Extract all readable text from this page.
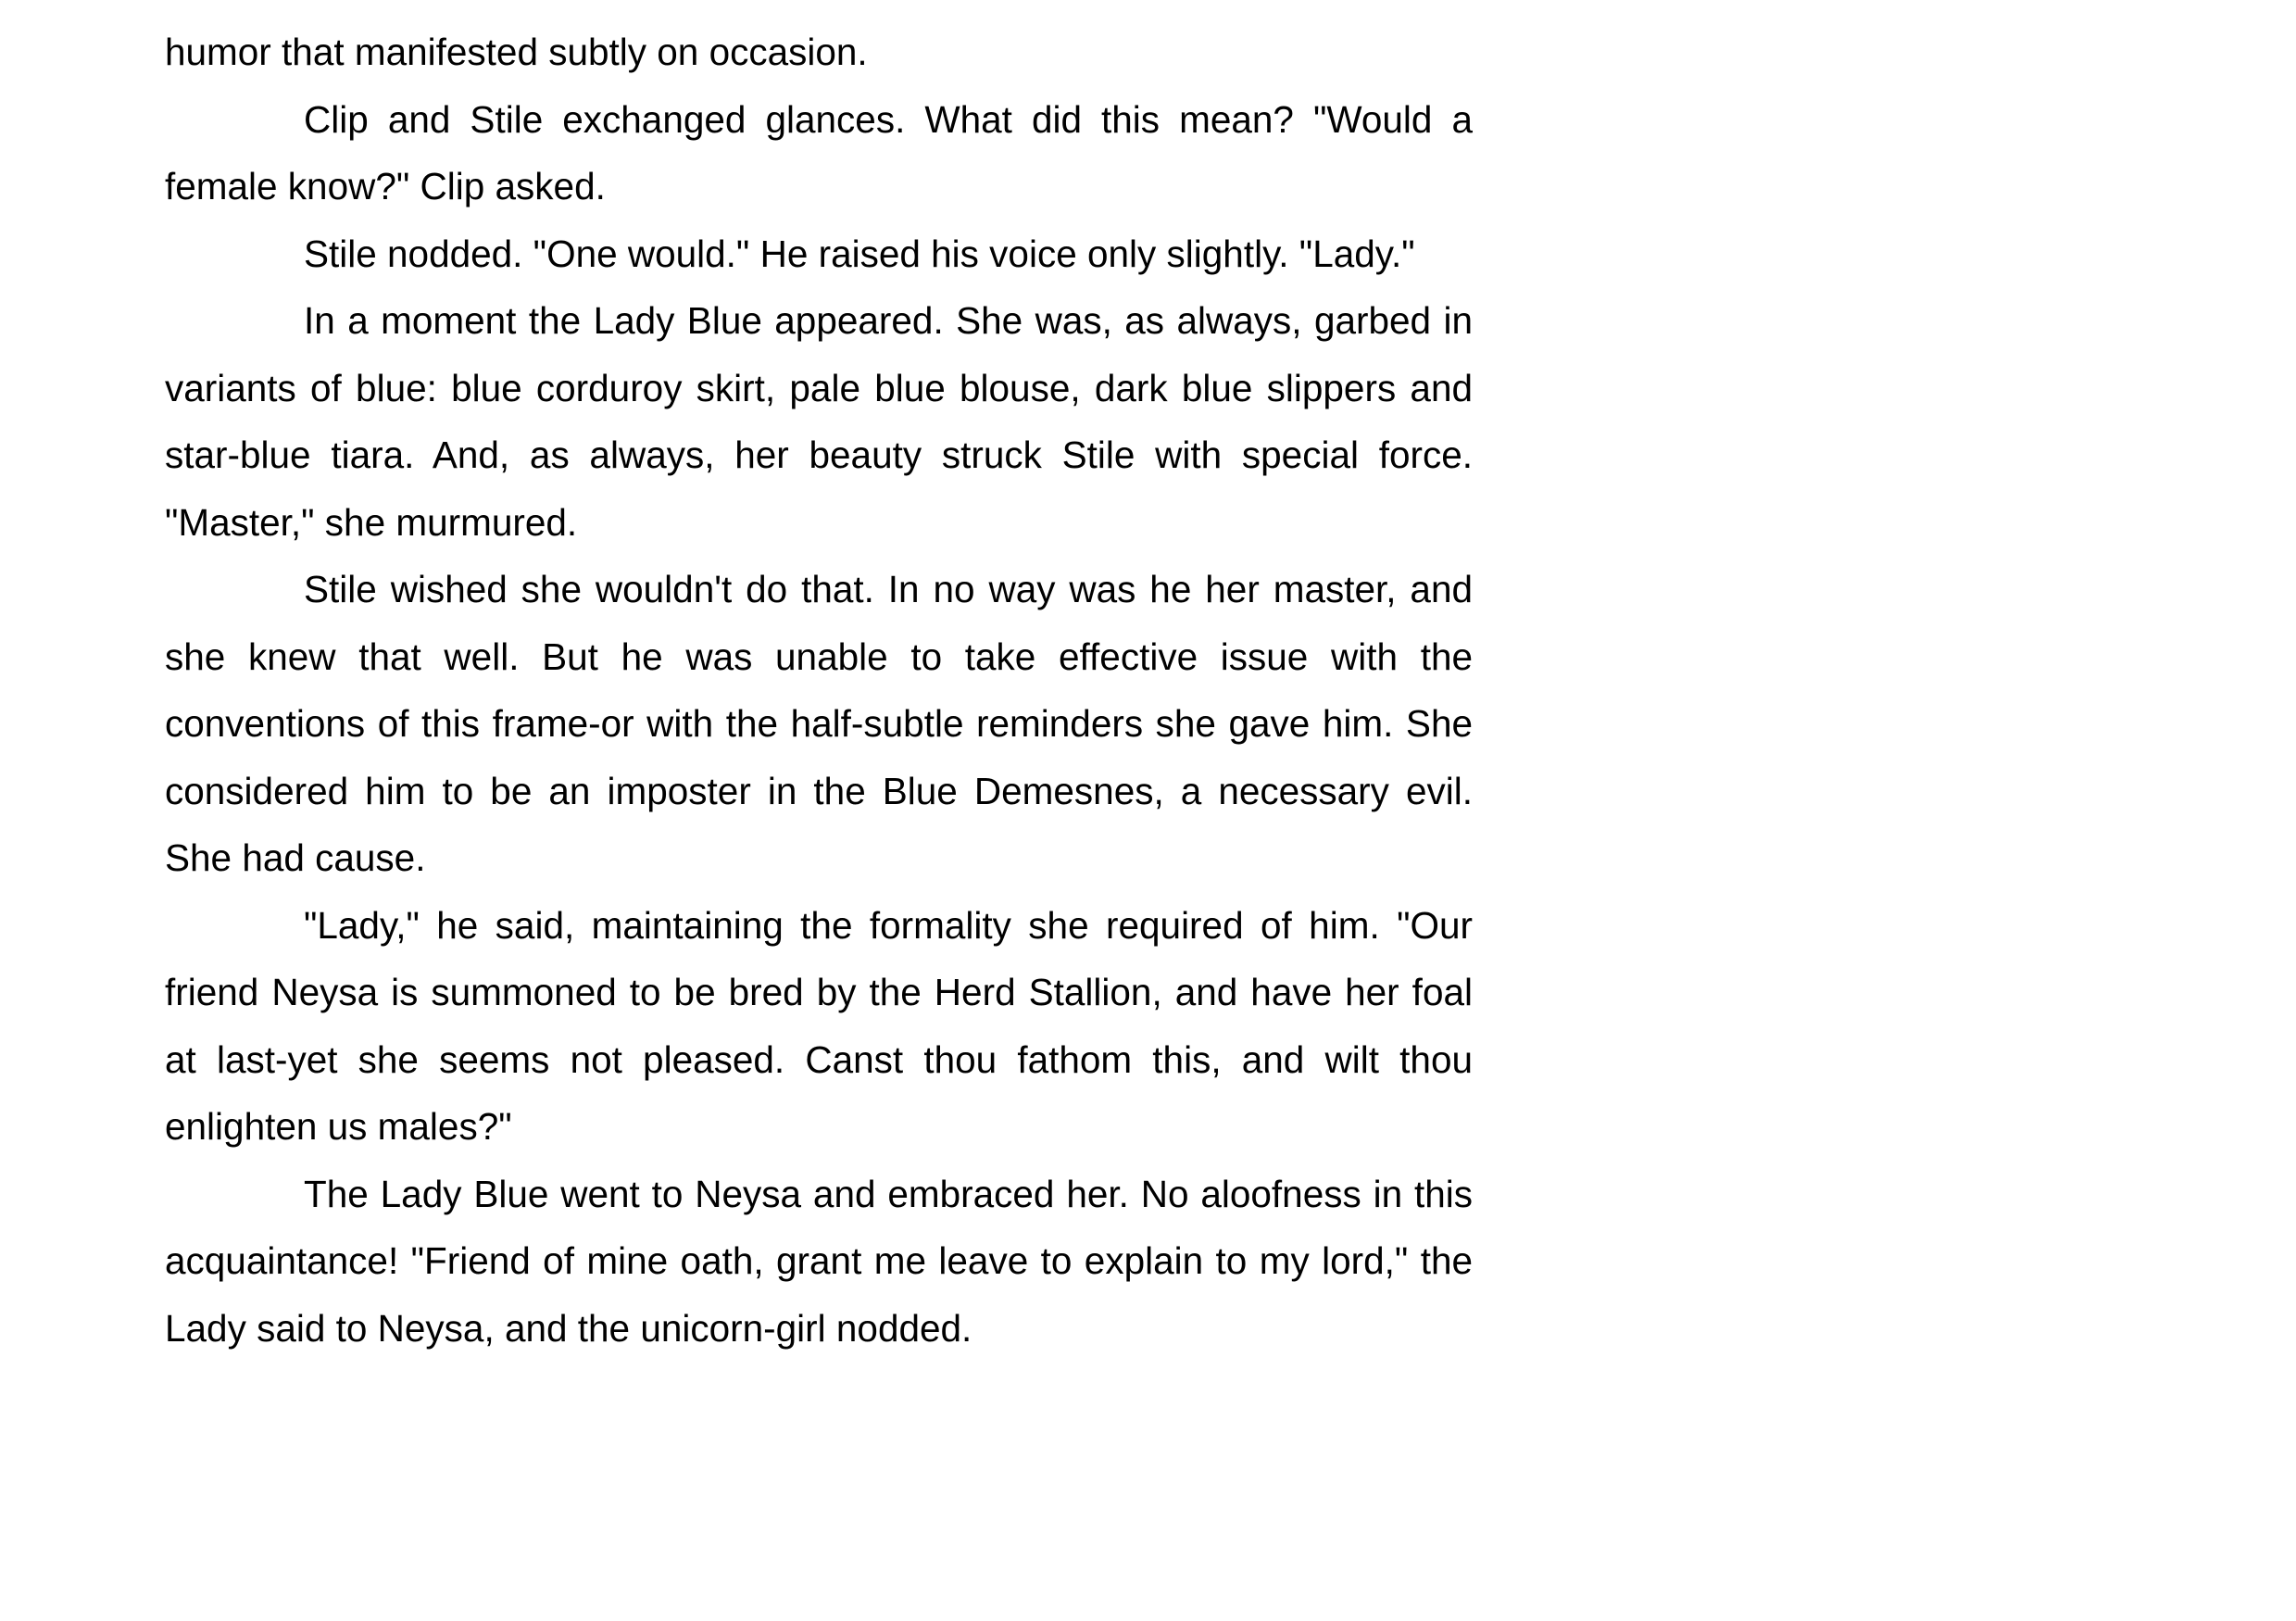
humor that manifested subtly on occasion.

Clip and Stile exchanged glances. What did this mean? "Would a female know?" Clip asked.

Stile nodded. "One would." He raised his voice only slightly. "Lady."

In a moment the Lady Blue appeared. She was, as always, garbed in variants of blue: blue corduroy skirt, pale blue blouse, dark blue slippers and star-blue tiara. And, as always, her beauty struck Stile with special force. "Master," she murmured.

Stile wished she wouldn't do that. In no way was he her master, and she knew that well. But he was unable to take effective issue with the conventions of this frame-or with the half-subtle reminders she gave him. She considered him to be an imposter in the Blue Demesnes, a necessary evil. She had cause.

"Lady," he said, maintaining the formality she required of him. "Our friend Neysa is summoned to be bred by the Herd Stallion, and have her foal at last-yet she seems not pleased. Canst thou fathom this, and wilt thou enlighten us males?"

The Lady Blue went to Neysa and embraced her. No aloofness in this acquaintance! "Friend of mine oath, grant me leave to explain to my lord," the Lady said to Neysa, and the unicorn-girl nodded.
